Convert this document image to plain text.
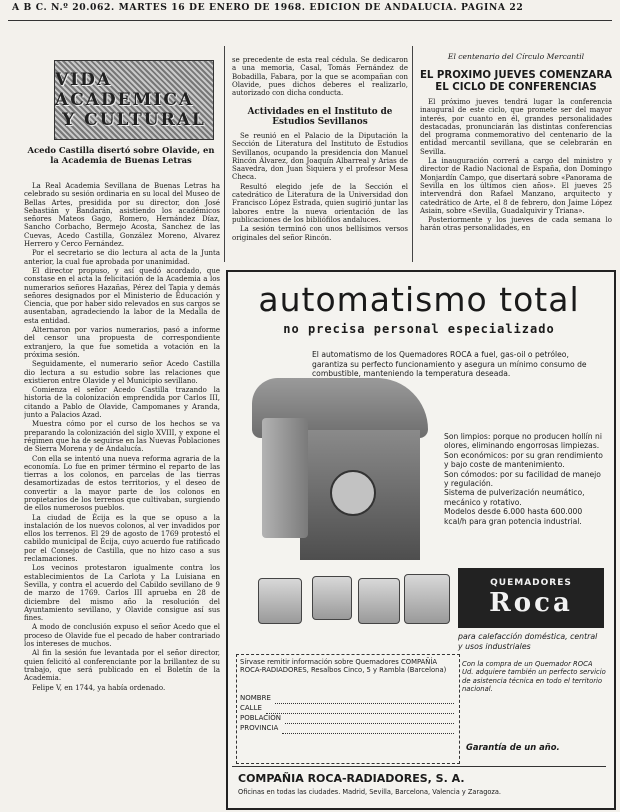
A B C. N.º 20.062. MARTES 16 DE ENERO DE 1968. EDICION DE ANDALUCIA. PAGINA 22
VIDA ACADEMICA
Y CULTURAL
Acedo Castilla disertó sobre Olavide, en la Academia de Buenas Letras

La Real Academia Sevillana de Buenas Letras ha celebrado su sesión ordinaria en su local del Museo de Bellas Artes, presidida por su director, don José Sebastián y Bandarán, asistiendo los académicos señores Mateos Gago, Romero, Hernández Díaz, Sancho Corbacho, Bermejo Acosta, Sanchez de las Cuevas, Acedo Castilla, González Moreno, Alvarez Herrero y Cerco Fernández.

Por el secretario se dio lectura al acta de la Junta anterior, la cual fue aprobada por unanimidad.

El director propuso, y así quedó acordado, que constase en el acta la felicitación de la Academia a los numerarios señores Hazañas, Pérez del Tapia y demás señores designados por el Ministerio de Educación y Ciencia, que por haber sido relevados en sus cargos se ausentaban, agradeciendo la labor de la Medalla de esta entidad.

Alternaron por varios numerarios, pasó a informe del censor una propuesta de correspondiente extranjero, la que fue sometida a votación en la próxima sesión.

Seguidamente, el numerario señor Acedo Castilla dio lectura a su estudio sobre las relaciones que existieron entre Olavide y el Municipio sevillano.

Comienza el señor Acedo Castilla trazando la historia de la colonización emprendida por Carlos III, citando a Pablo de Olavide, Campomanes y Aranda, junto a Palacios Azad.

Muestra cómo por el curso de los hechos se va preparando la colonización del siglo XVIII, y expone el régimen que ha de seguirse en las Nuevas Poblaciones de Sierra Morena y de Andalucía.

Con ella se intentó una nueva reforma agraria de la economía. Lo fue en primer término el reparto de las tierras a los colonos, en parcelas de las tierras desamortizadas de estos territorios, y el deseo de convertir a la mayor parte de los colonos en propietarios de los terrenos que cultivaban, surgiendo de ellos numerosos pueblos.

La ciudad de Écija es la que se opuso a la instalación de los nuevos colonos, al ver invadidos por ellos los terrenos. El 29 de agosto de 1769 protestó el cabildo municipal de Écija, cuyo acuerdo fue ratificado por el Consejo de Castilla, que no hizo caso a sus reclamaciones.

Los vecinos protestaron igualmente contra los establecimientos de La Carlota y La Luisiana en Sevilla, y contra el acuerdo del Cabildo sevillano de 9 de marzo de 1769. Carlos III aprueba en 28 de diciembre del mismo año la resolución del Ayuntamiento sevillano, y Olavide consigue así sus fines.

A modo de conclusión expuso el señor Acedo que el proceso de Olavide fue el pecado de haber contrariado los intereses de muchos.

Al fin la sesión fue levantada por el señor director, quien felicitó al conferenciante por la brillantez de su trabajo, que será publicado en el Boletín de la Academia.

Felipe V, en 1744, ya había ordenado.

se precedente de esta real cédula. Se dedicaron a una memoria, Casal, Tomás Fernández de Bobadilla, Fabara, por la que se acompañan con Olavide, pues dichos deberes el realizarlo, autorizado con dicha conducta.

Actividades en el Instituto de Estudios Sevillanos

Se reunió en el Palacio de la Diputación la Sección de Literatura del Instituto de Estudios Sevillanos, ocupando la presidencia don Manuel Rincón Álvarez, don Joaquín Albarreal y Arias de Saavedra, don Juan Siquiera y el profesor Mesa Checa.

Resultó elegido jefe de la Sección el catedrático de Literatura de la Universidad don Francisco López Estrada, quien sugirió juntar las labores entre la nueva orientación de las publicaciones de los bibliófilos andaluces.

La sesión terminó con unos bellísimos versos originales del señor Rincón.

El centenario del Círculo Mercantil
EL PROXIMO JUEVES COMENZARA EL CICLO DE CONFERENCIAS

El próximo jueves tendrá lugar la conferencia inaugural de este ciclo, que promete ser del mayor interés, por cuanto en él, grandes personalidades destacadas, pronunciarán las distintas conferencias del programa conmemorativo del centenario de la entidad mercantil sevillana, que se celebrarán en Sevilla.

La inauguración correrá a cargo del ministro y director de Radio Nacional de España, don Domingo Monjardín Campo, que disertará sobre «Panorama de Sevilla en los últimos cien años». El jueves 25 intervendrá don Rafael Manzano, arquitecto y catedrático de Arte, el 8 de febrero, don Jaime López Asiain, sobre «Sevilla, Guadalquivir y Triana».

Posteriormente y los jueves de cada semana lo harán otras personalidades, en

automatismo total
no precisa personal especializado
El automatismo de los Quemadores ROCA a fuel, gas-oil o petróleo, garantiza su perfecto funcionamiento y asegura un mínimo consumo de combustible, manteniendo la temperatura deseada.
Son limpios: porque no producen hollín ni olores, eliminando engorrosas limpiezas.
Son económicos: por su gran rendimiento y bajo coste de mantenimiento.
Son cómodos: por su facilidad de manejo y regulación.
Sistema de pulverización neumático, mecánico y rotativo.
Modelos desde 6.000 hasta 600.000 kcal/h para gran potencia industrial.
QUEMADORES
Roca
para calefacción doméstica, central
y usos industriales
Sírvase remitir información sobre Quemadores COMPAÑÍA ROCA-RADIADORES, Resalbos Cinco, 5 y Rambla (Barcelona)
NOMBRE
CALLE
POBLACION
PROVINCIA
Con la compra de un Quemador ROCA Ud. adquiere también un perfecto servicio de asistencia técnica en todo el territorio nacional.
Garantía de un año.
COMPAÑIA ROCA-RADIADORES, S. A.
Oficinas en todas las ciudades. Madrid, Sevilla, Barcelona, Valencia y Zaragoza.
